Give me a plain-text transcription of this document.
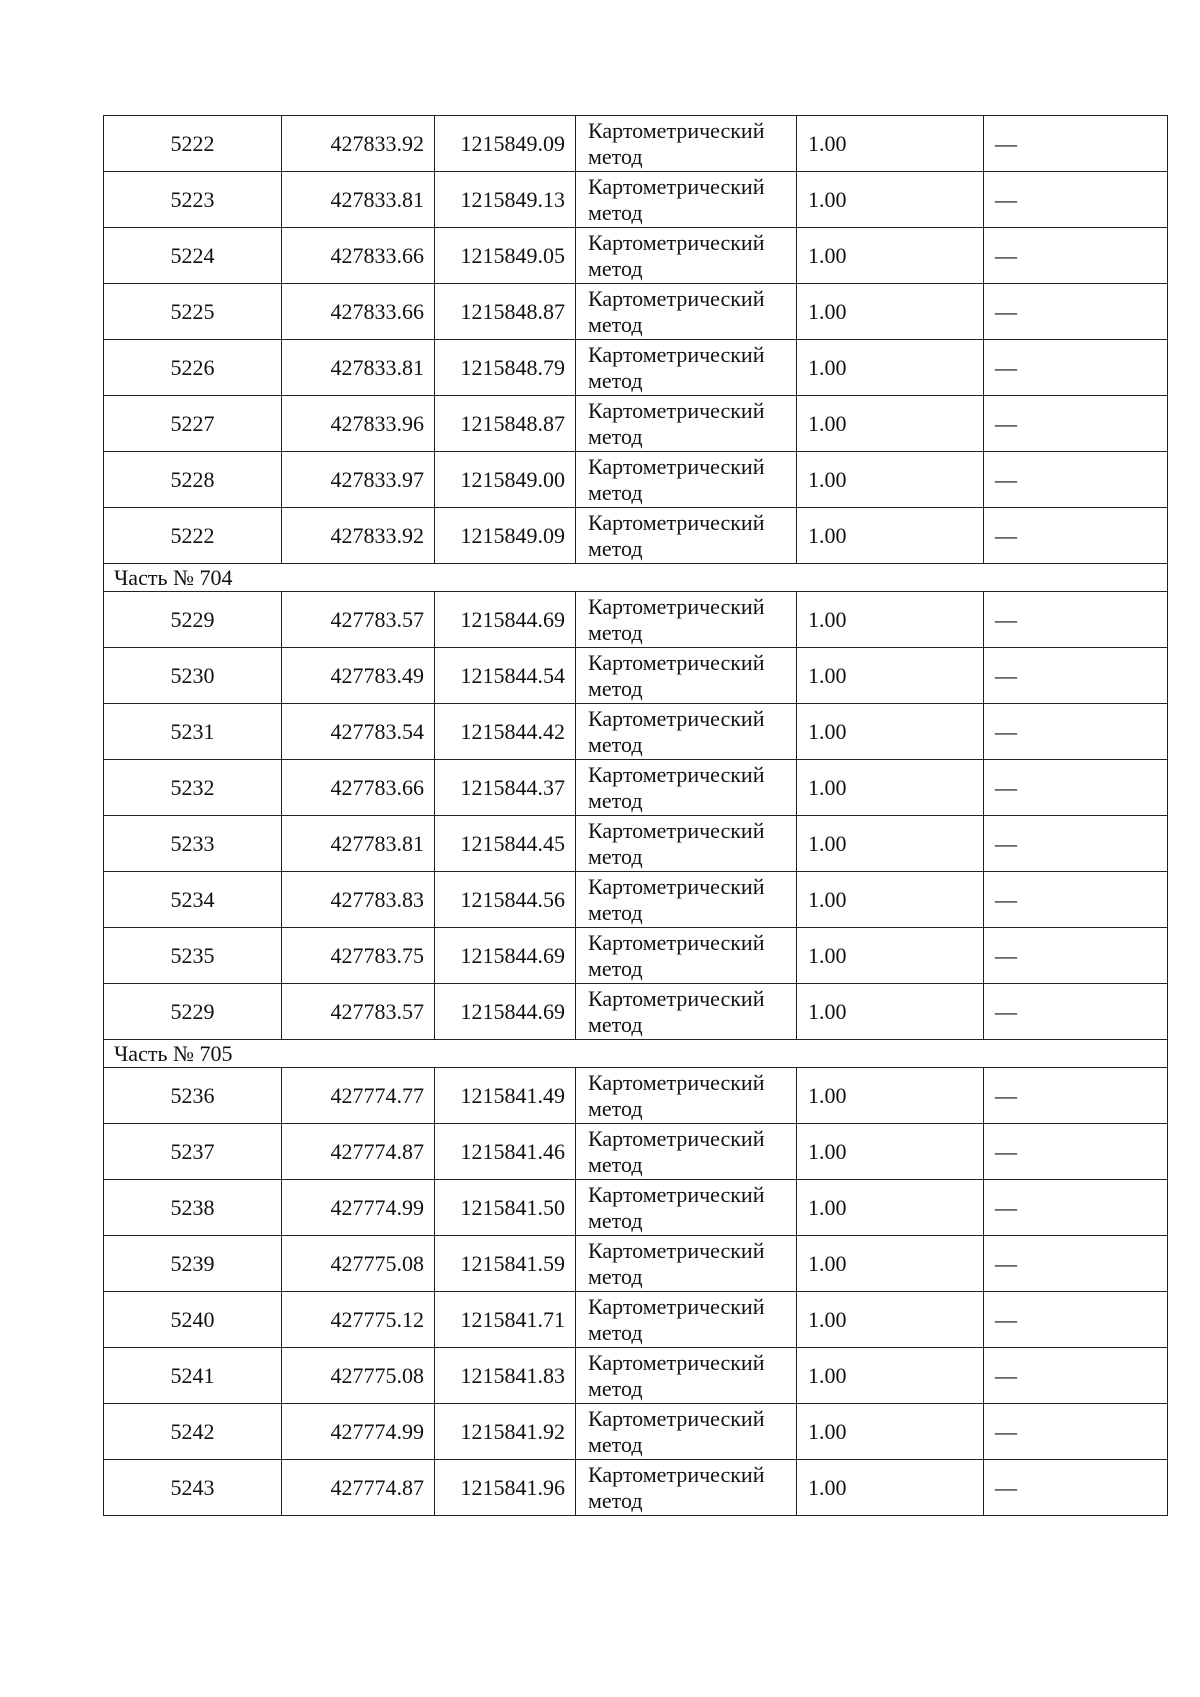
5222	427833.92	1215849.09	Картометрический
метод	1.00	—
5223	427833.81	1215849.13	Картометрический
метод	1.00	—
5224	427833.66	1215849.05	Картометрический
метод	1.00	—
5225	427833.66	1215848.87	Картометрический
метод	1.00	—
5226	427833.81	1215848.79	Картометрический
метод	1.00	—
5227	427833.96	1215848.87	Картометрический
метод	1.00	—
5228	427833.97	1215849.00	Картометрический
метод	1.00	—
5222	427833.92	1215849.09	Картометрический
метод	1.00	—
Часть № 704					
5229	427783.57	1215844.69	Картометрический
метод	1.00	—
5230	427783.49	1215844.54	Картометрический
метод	1.00	—
5231	427783.54	1215844.42	Картометрический
метод	1.00	—
5232	427783.66	1215844.37	Картометрический
метод	1.00	—
5233	427783.81	1215844.45	Картометрический
метод	1.00	—
5234	427783.83	1215844.56	Картометрический
метод	1.00	—
5235	427783.75	1215844.69	Картометрический
метод	1.00	—
5229	427783.57	1215844.69	Картометрический
метод	1.00	—
Часть № 705					
5236	427774.77	1215841.49	Картометрический
метод	1.00	—
5237	427774.87	1215841.46	Картометрический
метод	1.00	—
5238	427774.99	1215841.50	Картометрический
метод	1.00	—
5239	427775.08	1215841.59	Картометрический
метод	1.00	—
5240	427775.12	1215841.71	Картометрический
метод	1.00	—
5241	427775.08	1215841.83	Картометрический
метод	1.00	—
5242	427774.99	1215841.92	Картометрический
метод	1.00	—
5243	427774.87	1215841.96	Картометрический
метод	1.00	—
